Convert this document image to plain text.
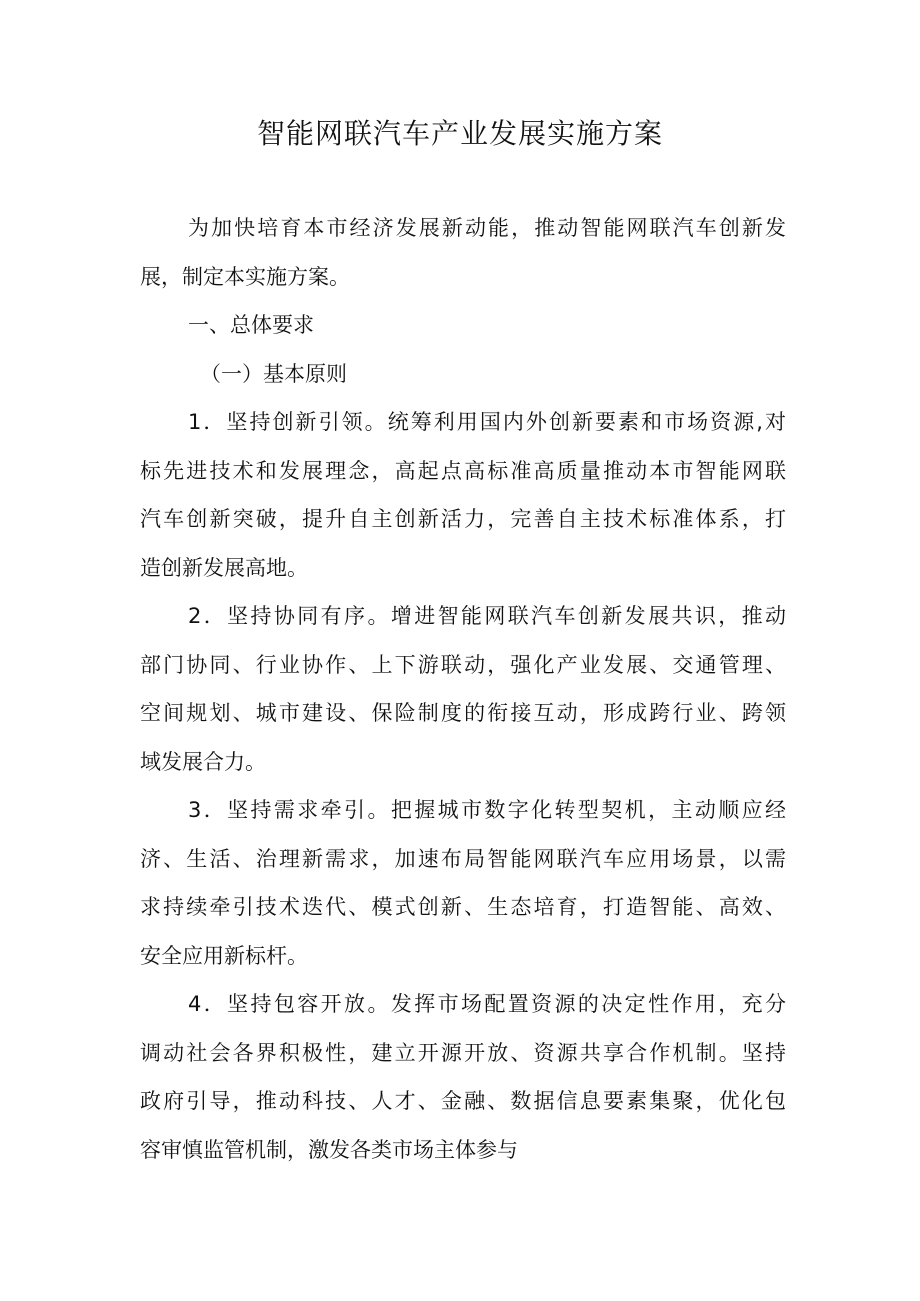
智能网联汽车产业发展实施方案
为加快培育本市经济发展新动能，推动智能网联汽车创新发
展，制定本实施方案。
一、总体要求
（一）基本原则
1．坚持创新引领。统筹利用国内外创新要素和市场资源,对
标先进技术和发展理念，高起点高标准高质量推动本市智能网联
汽车创新突破，提升自主创新活力，完善自主技术标准体系，打
造创新发展高地。
2．坚持协同有序。增进智能网联汽车创新发展共识，推动
部门协同、行业协作、上下游联动，强化产业发展、交通管理、
空间规划、城市建设、保险制度的衔接互动，形成跨行业、跨领
域发展合力。
3．坚持需求牵引。把握城市数字化转型契机，主动顺应经
济、生活、治理新需求，加速布局智能网联汽车应用场景，以需
求持续牵引技术迭代、模式创新、生态培育，打造智能、高效、
安全应用新标杆。
4．坚持包容开放。发挥市场配置资源的决定性作用，充分
调动社会各界积极性，建立开源开放、资源共享合作机制。坚持
政府引导，推动科技、人才、金融、数据信息要素集聚，优化包
容审慎监管机制，激发各类市场主体参与
